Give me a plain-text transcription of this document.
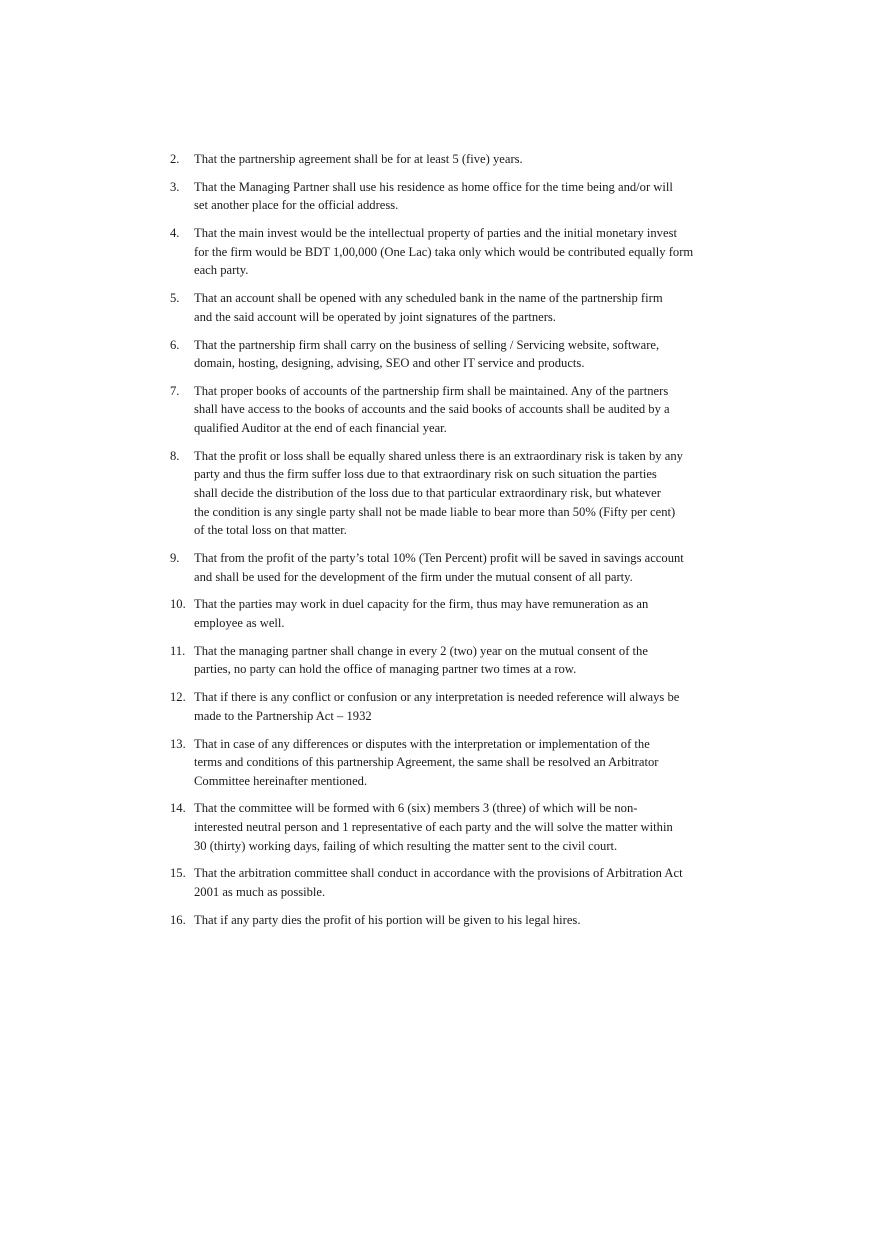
2.	That the partnership agreement shall be for at least 5 (five) years.
3.	That the Managing Partner shall use his residence as home office for the time being and/or will
set another place for the official address.
4.	That the main invest would be the intellectual property of parties and the initial monetary invest
for the firm would be BDT 1,00,000 (One Lac) taka only which would be contributed equally form
each party.
5.	That an account shall be opened with any scheduled bank in the name of the partnership firm
and the said account will be operated by joint signatures of the partners.
6.	That the partnership firm shall carry on the business of selling / Servicing website, software,
domain, hosting, designing, advising, SEO and other IT service and products.
7.	That proper books of accounts of the partnership firm shall be maintained. Any of the partners
shall have access to the books of accounts and the said books of accounts shall be audited by a
qualified Auditor at the end of each financial year.
8.	That the profit or loss shall be equally shared unless there is an extraordinary risk is taken by any
party and thus the firm suffer loss due to that extraordinary risk on such situation the parties
shall decide the distribution of the loss due to that particular extraordinary risk, but whatever
the condition is any single party shall not be made liable to bear more than 50% (Fifty per cent)
of the total loss on that matter.
9.	That from the profit of the party’s total 10% (Ten Percent) profit will be saved in savings account
and shall be used for the development of the firm under the mutual consent of all party.
10. That the parties may work in duel capacity for the firm, thus may have remuneration as an
employee as well.
11. That the managing partner shall change in every 2 (two) year on the mutual consent of the
parties, no party can hold the office of managing partner two times at a row.
12. That if there is any conflict or confusion or any interpretation is needed reference will always be
made to the Partnership Act – 1932
13. That in case of any differences or disputes with the interpretation or implementation of the
terms and conditions of this partnership Agreement, the same shall be resolved an Arbitrator
Committee hereinafter mentioned.
14. That the committee will be formed with 6 (six) members 3 (three) of which will be non-
interested neutral person and 1 representative of each party and the will solve the matter within
30 (thirty) working days, failing of which resulting the matter sent to the civil court.
15. That the arbitration committee shall conduct in accordance with the provisions of Arbitration Act
2001 as much as possible.
16. That if any party dies the profit of his portion will be given to his legal hires.
